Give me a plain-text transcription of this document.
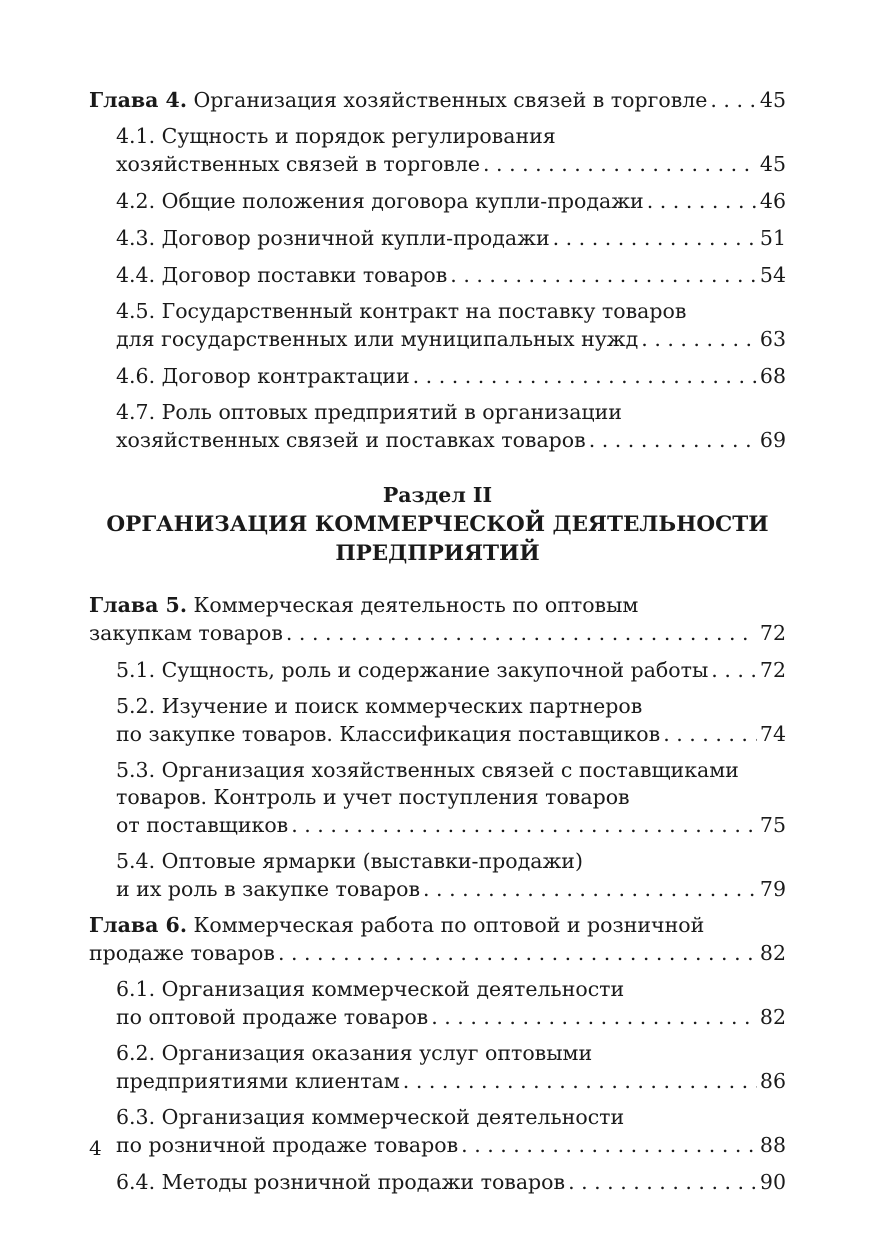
Глава 4. Организация хозяйственных связей в торговле . . .	45
4.1. Сущность и порядок регулирования
хозяйственных связей в торговле . . .	45
4.2. Общие положения договора купли-продажи . . .	46
4.3. Договор розничной купли-продажи . . .	51
4.4. Договор поставки товаров . . .	54
4.5. Государственный контракт на поставку товаров
для государственных или муниципальных нужд . . .	63
4.6. Договор контрактации . . .	68
4.7. Роль оптовых предприятий в организации
хозяйственных связей и поставках товаров . . .	69
Раздел II
ОРГАНИЗАЦИЯ КОММЕРЧЕСКОЙ ДЕЯТЕЛЬНОСТИ
ПРЕДПРИЯТИЙ
Глава 5. Коммерческая деятельность по оптовым
закупкам товаров . . .	72
5.1. Сущность, роль и содержание закупочной работы . . .	72
5.2. Изучение и поиск коммерческих партнеров
по закупке товаров. Классификация поставщиков . . .	74
5.3. Организация хозяйственных связей с поставщиками
товаров. Контроль и учет поступления товаров
от поставщиков . . .	75
5.4. Оптовые ярмарки (выставки-продажи)
и их роль в закупке товаров . . .	79
Глава 6. Коммерческая работа по оптовой и розничной
продаже товаров . . .	82
6.1. Организация коммерческой деятельности
по оптовой продаже товаров . . .	82
6.2. Организация оказания услуг оптовыми
предприятиями клиентам . . .	86
6.3. Организация коммерческой деятельности
по розничной продаже товаров . . .	88
6.4. Методы розничной продажи товаров . . .	90
4
